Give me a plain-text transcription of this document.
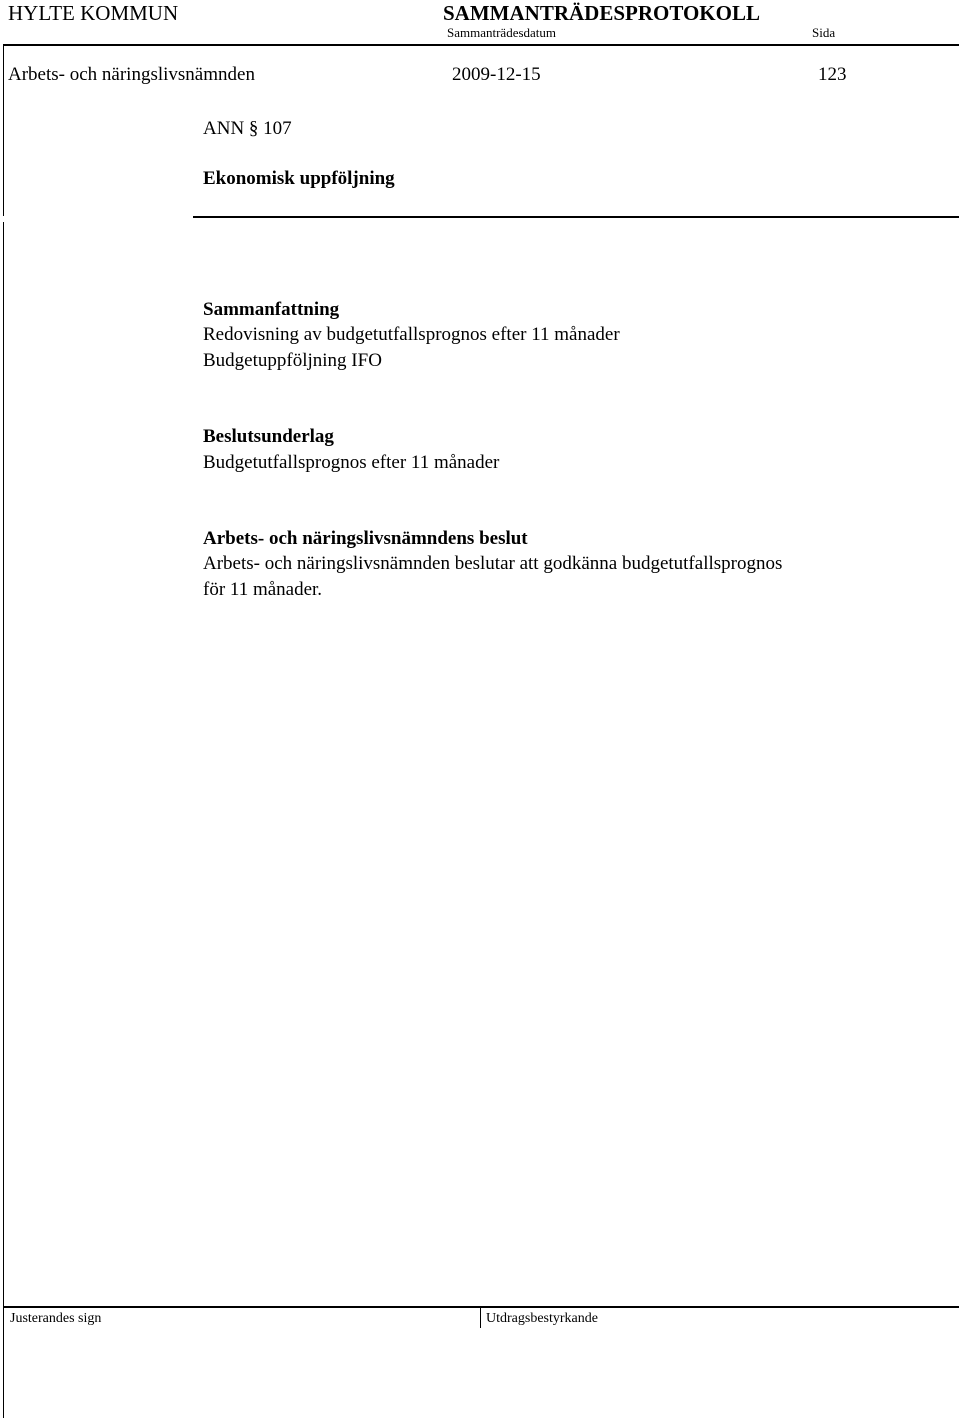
HYLTE KOMMUN	SAMMANTRÄDESPROTOKOLL
Sammanträdesdatum	Sida
Arbets- och näringslivsnämnden	2009-12-15	123
ANN § 107
Ekonomisk uppföljning
Sammanfattning
Redovisning av budgetutfallsprognos efter 11 månader
Budgetuppföljning IFO
Beslutsunderlag
Budgetutfallsprognos efter 11 månader
Arbets- och näringslivsnämndens beslut
Arbets- och näringslivsnämnden beslutar att godkänna budgetutfallsprognos
för 11 månader.
Justerandes sign	Utdragsbestyrkande
